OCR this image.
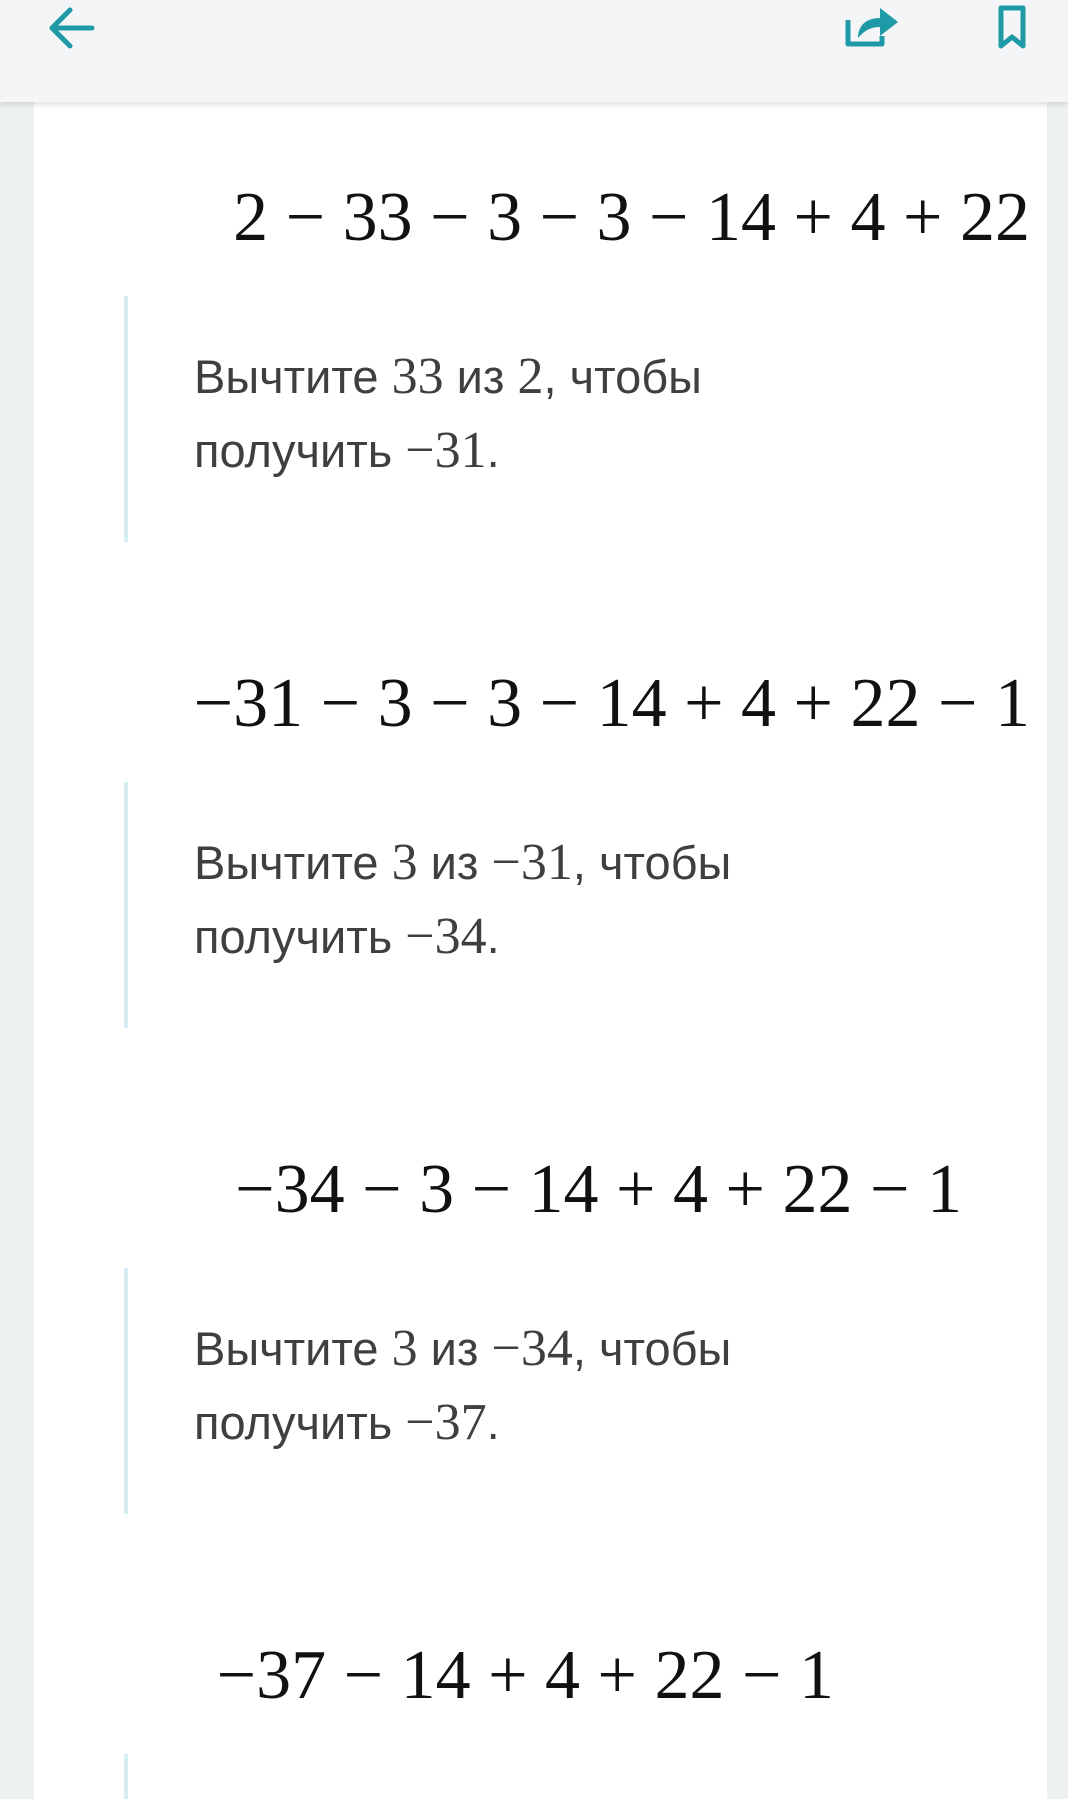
2 − 33 − 3 − 3 − 14 + 4 + 22
Вычтите 33 из 2, чтобы
получить −31.
−31 − 3 − 3 − 14 + 4 + 22 − 1
Вычтите 3 из −31, чтобы
получить −34.
−34 − 3 − 14 + 4 + 22 − 1
Вычтите 3 из −34, чтобы
получить −37.
−37 − 14 + 4 + 22 − 1
